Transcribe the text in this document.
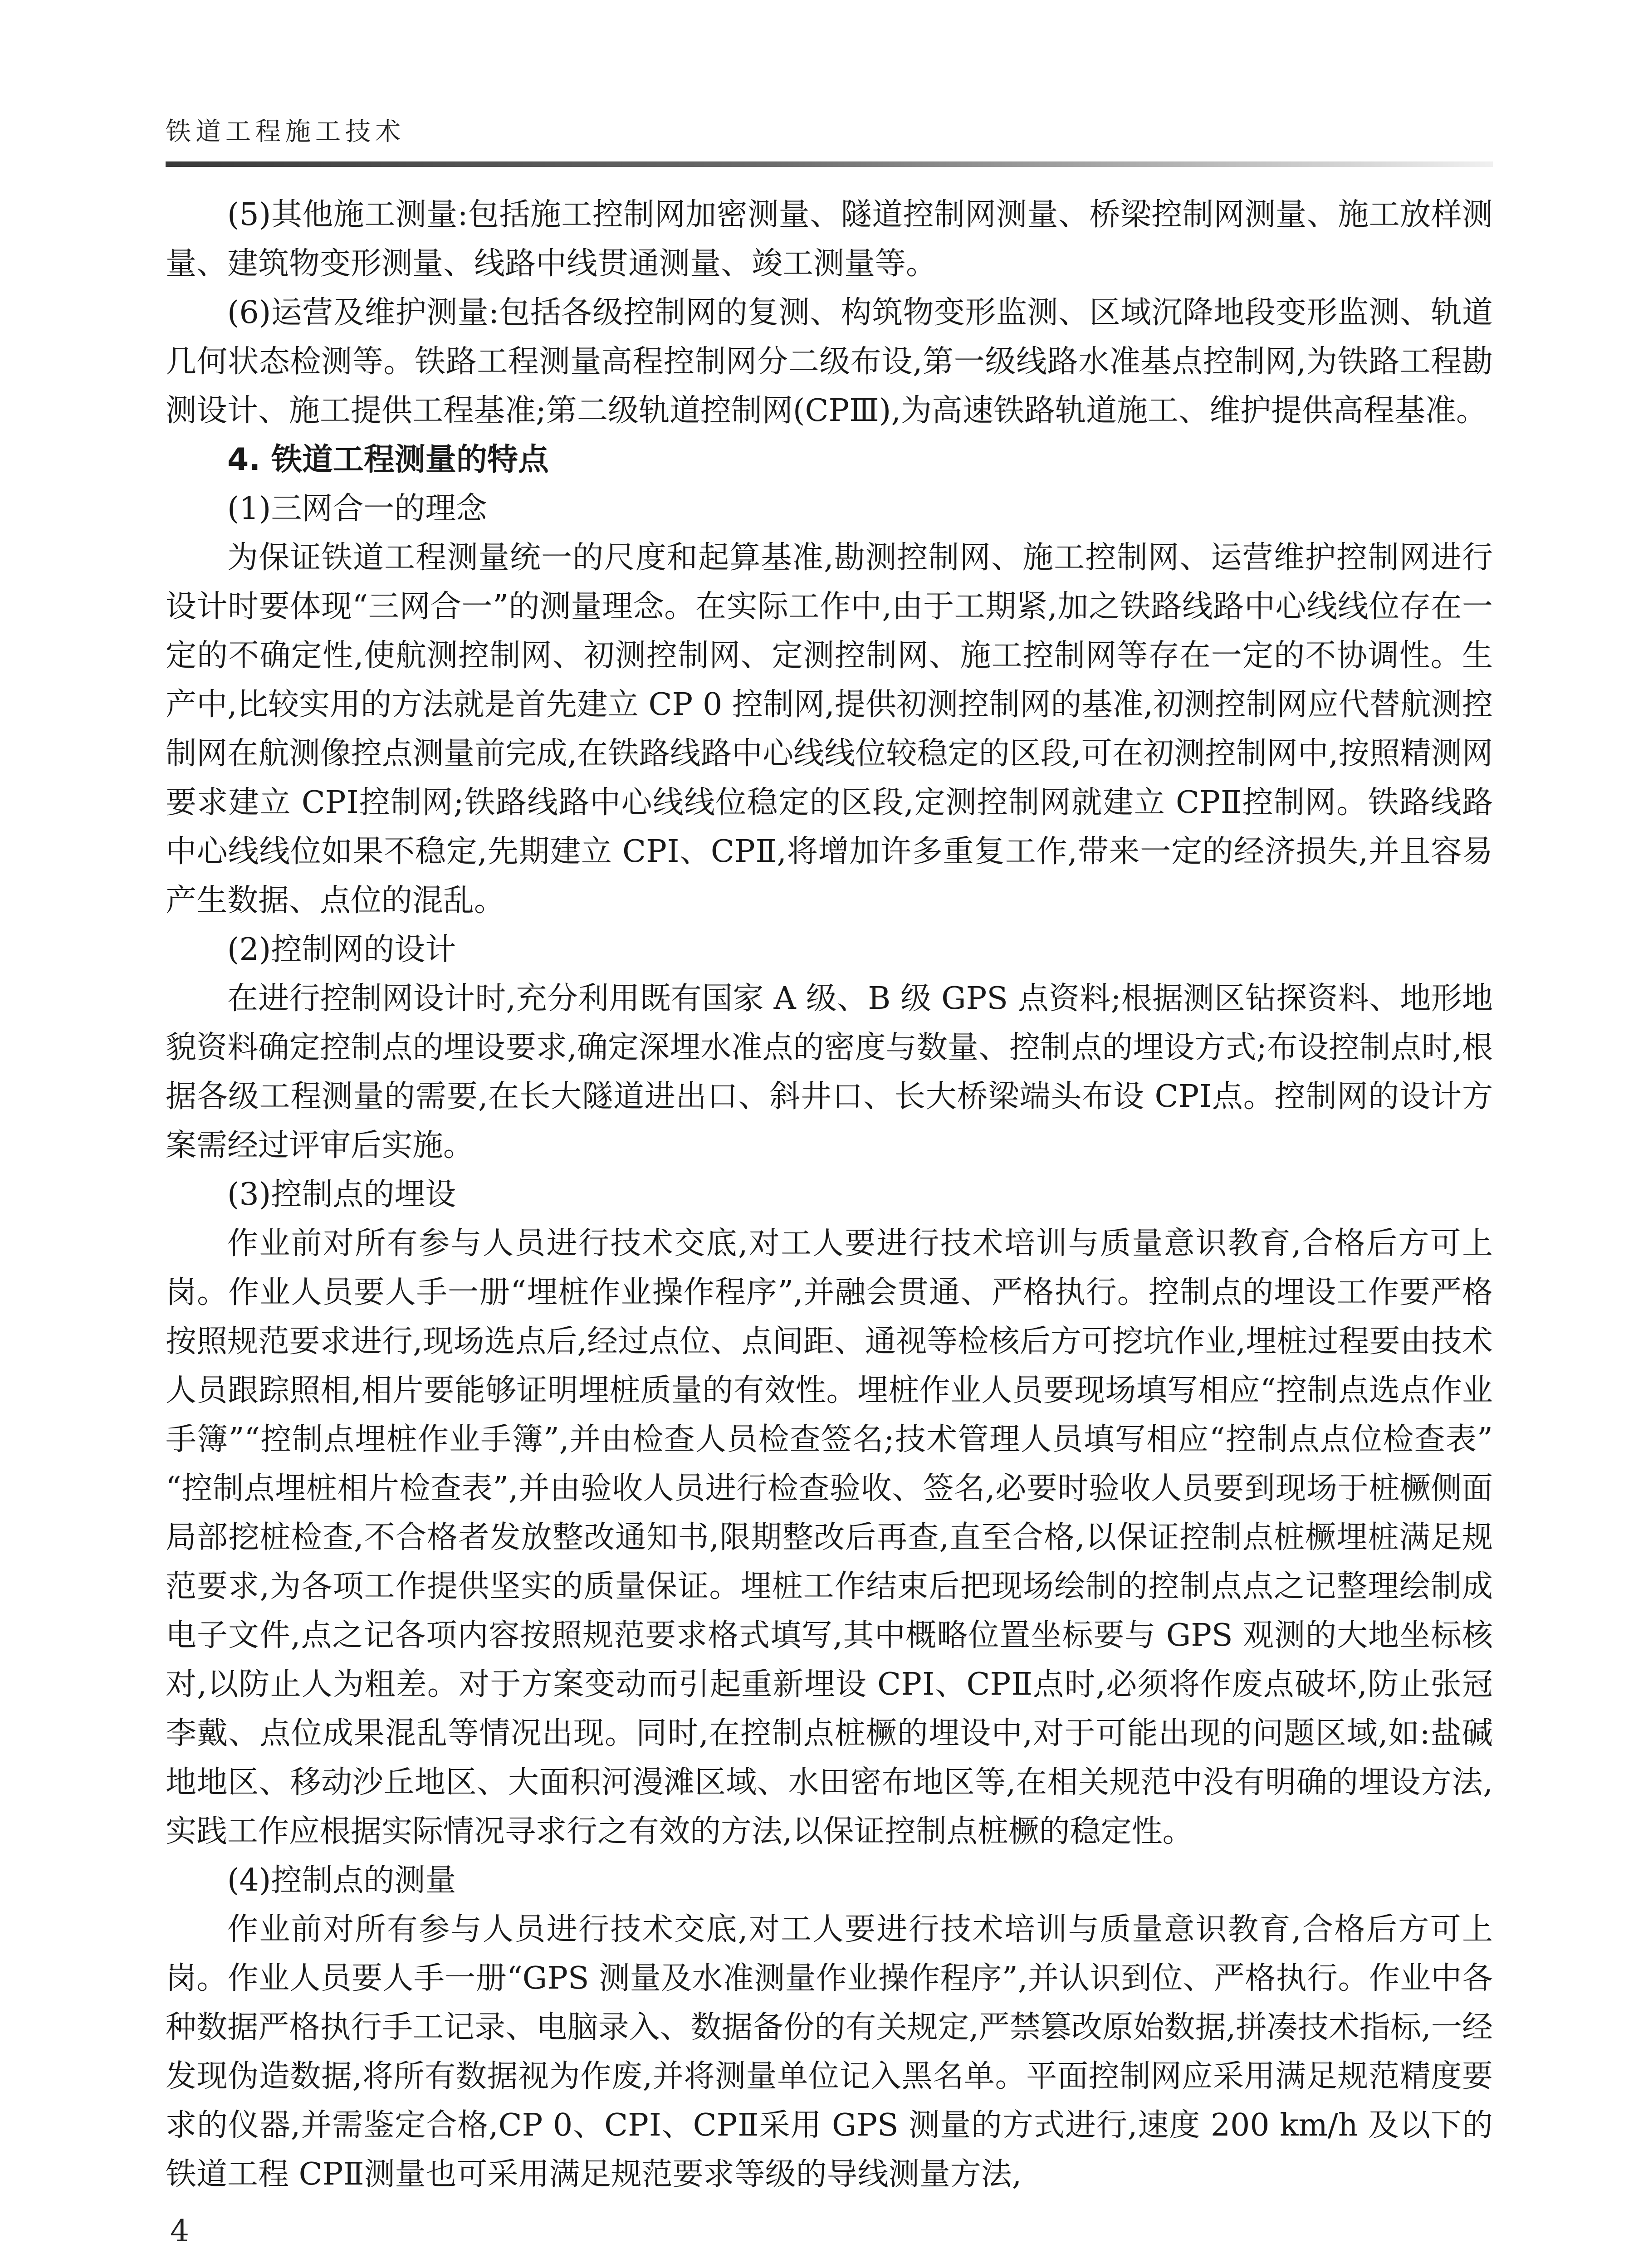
铁道工程施工技术

(5)其他施工测量:包括施工控制网加密测量、隧道控制网测量、桥梁控制网测量、施工放样测量、建筑物变形测量、线路中线贯通测量、竣工测量等。

(6)运营及维护测量:包括各级控制网的复测、构筑物变形监测、区域沉降地段变形监测、轨道几何状态检测等。铁路工程测量高程控制网分二级布设,第一级线路水准基点控制网,为铁路工程勘测设计、施工提供工程基准;第二级轨道控制网(CPⅢ),为高速铁路轨道施工、维护提供高程基准。

4. 铁道工程测量的特点

(1)三网合一的理念

为保证铁道工程测量统一的尺度和起算基准,勘测控制网、施工控制网、运营维护控制网进行设计时要体现“三网合一”的测量理念。在实际工作中,由于工期紧,加之铁路线路中心线线位存在一定的不确定性,使航测控制网、初测控制网、定测控制网、施工控制网等存在一定的不协调性。生产中,比较实用的方法就是首先建立 CP 0 控制网,提供初测控制网的基准,初测控制网应代替航测控制网在航测像控点测量前完成,在铁路线路中心线线位较稳定的区段,可在初测控制网中,按照精测网要求建立 CPⅠ控制网;铁路线路中心线线位稳定的区段,定测控制网就建立 CPⅡ控制网。铁路线路中心线线位如果不稳定,先期建立 CPⅠ、CPⅡ,将增加许多重复工作,带来一定的经济损失,并且容易产生数据、点位的混乱。

(2)控制网的设计

在进行控制网设计时,充分利用既有国家 A 级、B 级 GPS 点资料;根据测区钻探资料、地形地貌资料确定控制点的埋设要求,确定深埋水准点的密度与数量、控制点的埋设方式;布设控制点时,根据各级工程测量的需要,在长大隧道进出口、斜井口、长大桥梁端头布设 CPⅠ点。控制网的设计方案需经过评审后实施。

(3)控制点的埋设

作业前对所有参与人员进行技术交底,对工人要进行技术培训与质量意识教育,合格后方可上岗。作业人员要人手一册“埋桩作业操作程序”,并融会贯通、严格执行。控制点的埋设工作要严格按照规范要求进行,现场选点后,经过点位、点间距、通视等检核后方可挖坑作业,埋桩过程要由技术人员跟踪照相,相片要能够证明埋桩质量的有效性。埋桩作业人员要现场填写相应“控制点选点作业手簿”“控制点埋桩作业手簿”,并由检查人员检查签名;技术管理人员填写相应“控制点点位检查表” “控制点埋桩相片检查表”,并由验收人员进行检查验收、签名,必要时验收人员要到现场于桩橛侧面局部挖桩检查,不合格者发放整改通知书,限期整改后再查,直至合格,以保证控制点桩橛埋桩满足规范要求,为各项工作提供坚实的质量保证。埋桩工作结束后把现场绘制的控制点点之记整理绘制成电子文件,点之记各项内容按照规范要求格式填写,其中概略位置坐标要与 GPS 观测的大地坐标核对,以防止人为粗差。对于方案变动而引起重新埋设 CPⅠ、CPⅡ点时,必须将作废点破坏,防止张冠李戴、点位成果混乱等情况出现。同时,在控制点桩橛的埋设中,对于可能出现的问题区域,如:盐碱地地区、移动沙丘地区、大面积河漫滩区域、水田密布地区等,在相关规范中没有明确的埋设方法,实践工作应根据实际情况寻求行之有效的方法,以保证控制点桩橛的稳定性。

(4)控制点的测量

作业前对所有参与人员进行技术交底,对工人要进行技术培训与质量意识教育,合格后方可上岗。作业人员要人手一册“GPS 测量及水准测量作业操作程序”,并认识到位、严格执行。作业中各种数据严格执行手工记录、电脑录入、数据备份的有关规定,严禁篡改原始数据,拼凑技术指标,一经发现伪造数据,将所有数据视为作废,并将测量单位记入黑名单。平面控制网应采用满足规范精度要求的仪器,并需鉴定合格,CP 0、CPⅠ、CPⅡ采用 GPS 测量的方式进行,速度 200 km/h 及以下的铁道工程 CPⅡ测量也可采用满足规范要求等级的导线测量方法,

4
